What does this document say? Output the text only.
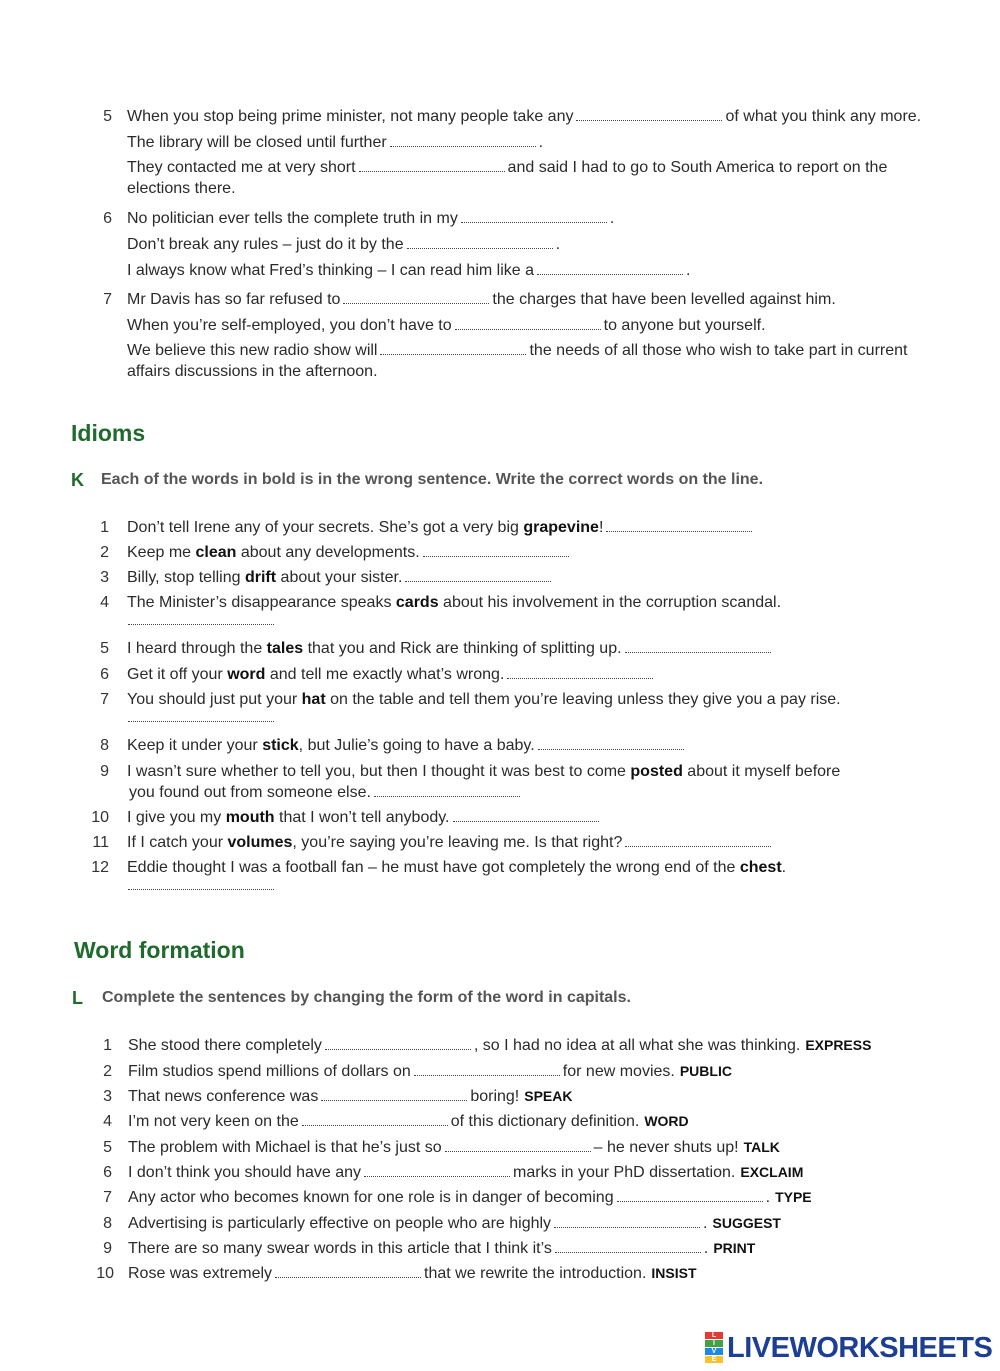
5 When you stop being prime minister, not many people take any	of what you think any more.
The library will be closed until further	.
They contacted me at very short	and said I had to go to South America to report on the
elections there.
6 No politician ever tells the complete truth in my	.
Don’t break any rules – just do it by the	.
I always know what Fred’s thinking – I can read him like a	.
7 Mr Davis has so far refused to	the charges that have been levelled against him.
When you’re self-employed, you don’t have to	to anyone but yourself.
We believe this new radio show will	the needs of all those who wish to take part in current
affairs discussions in the afternoon.
Idioms
K Each of the words in bold is in the wrong sentence. Write the correct words on the line.
1 Don’t tell Irene any of your secrets. She’s got a very big grapevine!
2 Keep me clean about any developments.
3 Billy, stop telling drift about your sister.
4 The Minister’s disappearance speaks cards about his involvement in the corruption scandal.
5 I heard through the tales that you and Rick are thinking of splitting up.
6 Get it off your word and tell me exactly what’s wrong.
7 You should just put your hat on the table and tell them you’re leaving unless they give you a pay rise.
8 Keep it under your stick, but Julie’s going to have a baby.
9 I wasn’t sure whether to tell you, but then I thought it was best to come posted about it myself before
you found out from someone else.
10 I give you my mouth that I won’t tell anybody.
11 If I catch your volumes, you’re saying you’re leaving me. Is that right?
12 Eddie thought I was a football fan – he must have got completely the wrong end of the chest.
Word formation
L Complete the sentences by changing the form of the word in capitals.
1 She stood there completely	, so I had no idea at all what she was thinking. EXPRESS
2 Film studios spend millions of dollars on	for new movies. PUBLIC
3 That news conference was	boring! SPEAK
4 I’m not very keen on the	of this dictionary definition. WORD
5 The problem with Michael is that he’s just so	– he never shuts up! TALK
6 I don’t think you should have any	marks in your PhD dissertation. EXCLAIM
7 Any actor who becomes known for one role is in danger of becoming	. TYPE
8 Advertising is particularly effective on people who are highly	. SUGGEST
9 There are so many swear words in this article that I think it’s	. PRINT
10 Rose was extremely	that we rewrite the introduction. INSIST
L
I
V
E LIVEWORKSHEETS
